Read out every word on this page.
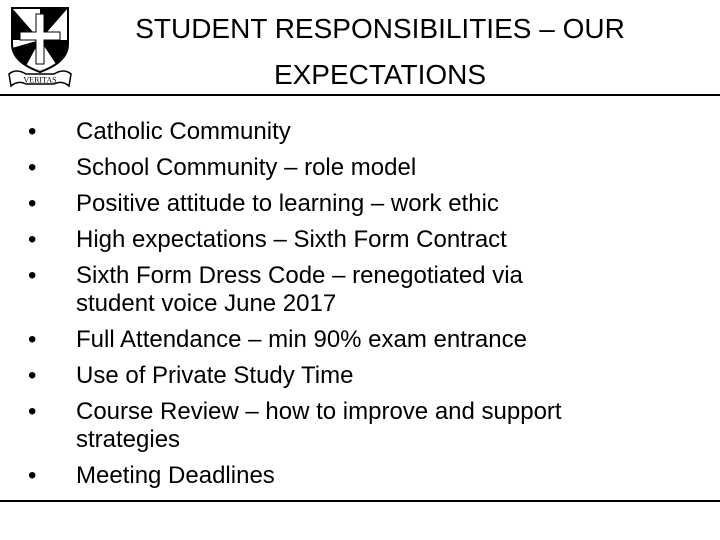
VERITAS
STUDENT RESPONSIBILITIES – OUR
EXPECTATIONS
•	Catholic Community
•	School Community – role model
•	Positive attitude to learning – work ethic
•	High expectations – Sixth Form Contract
•	Sixth Form Dress Code – renegotiated via
student voice June 2017
•	Full Attendance – min 90% exam entrance
•	Use of Private Study Time
•	Course Review – how to improve and support
strategies
•	Meeting Deadlines
